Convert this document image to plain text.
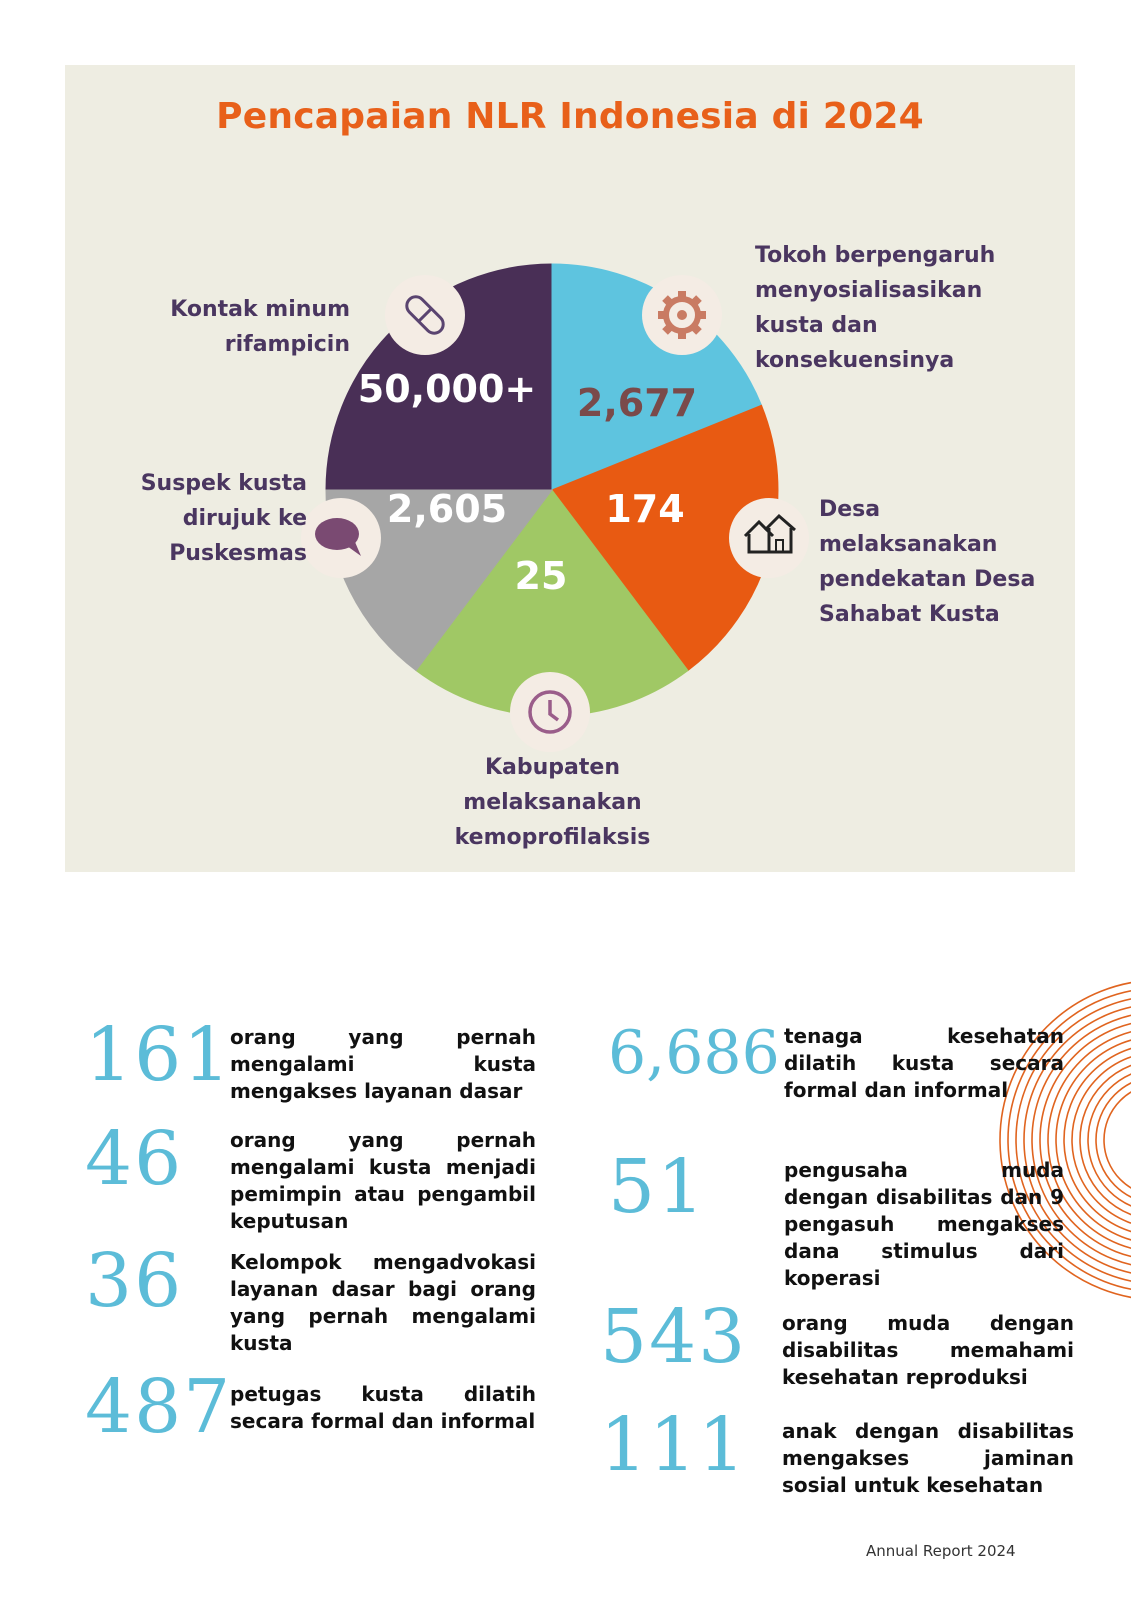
Pencapaian NLR Indonesia di 2024
50,000+ 2,677
174
25
2,605
Kontak minum
rifampicin
Tokoh berpengaruh
menyosialisasikan
kusta dan
konsekuensinya
Desa
melaksanakan
pendekatan Desa
Sahabat Kusta
Kabupaten
melaksanakan
kemoprofilaksis
Suspek kusta
dirujuk ke
Puskesmas
161
orang yang pernah mengalami kusta mengakses layanan dasar
46 orang yang pernah mengalami kusta menjadi pemimpin atau pengambil keputusan
36 Kelompok mengadvokasi layanan dasar bagi orang yang pernah mengalami kusta
487
petugas kusta dilatih secara formal dan informal
6,686 tenaga kesehatan dilatih kusta secara formal dan informal
51	pengusaha muda dengan disabilitas dan 9 pengasuh mengakses dana stimulus dari koperasi
543 orang muda dengan disabilitas memahami kesehatan reproduksi
111 anak dengan disabilitas mengakses jaminan sosial untuk kesehatan
Annual Report 2024
